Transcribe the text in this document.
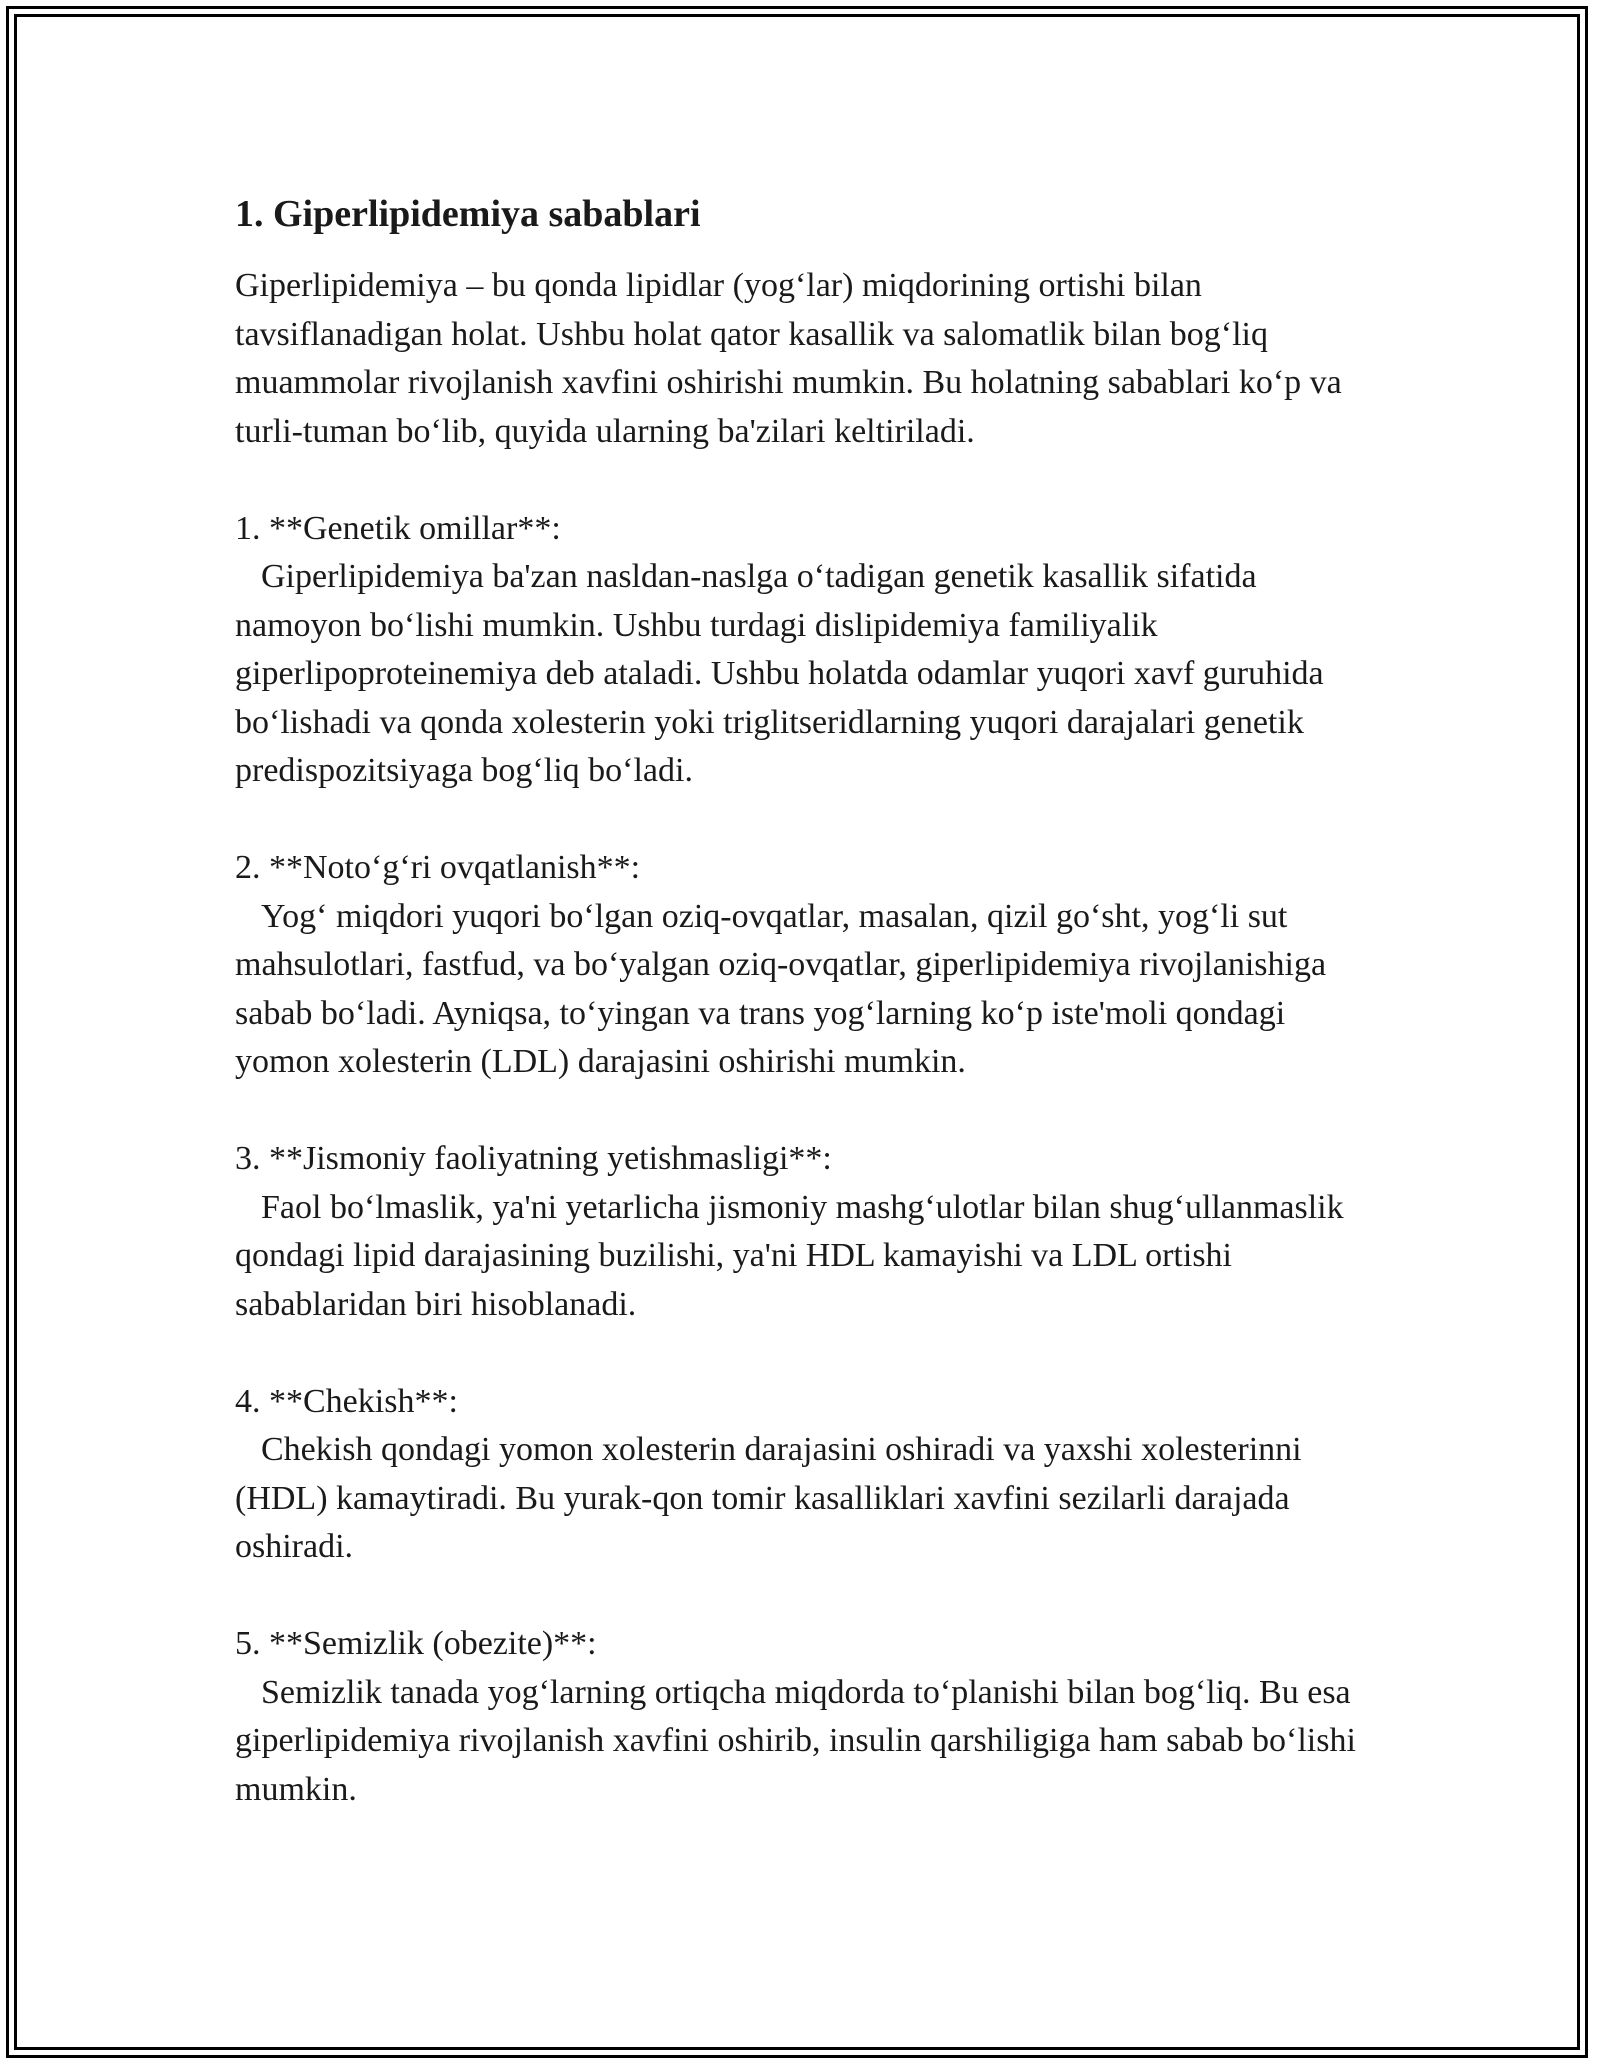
1. Giperlipidemiya sabablari

Giperlipidemiya – bu qonda lipidlar (yog‘lar) miqdorining ortishi bilan tavsiflanadigan holat. Ushbu holat qator kasallik va salomatlik bilan bog‘liq muammolar rivojlanish xavfini oshirishi mumkin. Bu holatning sabablari ko‘p va turli-tuman bo‘lib, quyida ularning ba'zilari keltiriladi.

1. **Genetik omillar**:

Giperlipidemiya ba'zan nasldan-naslga o‘tadigan genetik kasallik sifatida namoyon bo‘lishi mumkin. Ushbu turdagi dislipidemiya familiyalik giperlipoproteinemiya deb ataladi. Ushbu holatda odamlar yuqori xavf guruhida bo‘lishadi va qonda xolesterin yoki triglitseridlarning yuqori darajalari genetik predispozitsiyaga bog‘liq bo‘ladi.

2. **Noto‘g‘ri ovqatlanish**:

Yog‘ miqdori yuqori bo‘lgan oziq-ovqatlar, masalan, qizil go‘sht, yog‘li sut mahsulotlari, fastfud, va bo‘yalgan oziq-ovqatlar, giperlipidemiya rivojlanishiga sabab bo‘ladi. Ayniqsa, to‘yingan va trans yog‘larning ko‘p iste'moli qondagi yomon xolesterin (LDL) darajasini oshirishi mumkin.

3. **Jismoniy faoliyatning yetishmasligi**:

Faol bo‘lmaslik, ya'ni yetarlicha jismoniy mashg‘ulotlar bilan shug‘ullanmaslik qondagi lipid darajasining buzilishi, ya'ni HDL kamayishi va LDL ortishi sabablaridan biri hisoblanadi.

4. **Chekish**:

Chekish qondagi yomon xolesterin darajasini oshiradi va yaxshi xolesterinni (HDL) kamaytiradi. Bu yurak-qon tomir kasalliklari xavfini sezilarli darajada oshiradi.

5. **Semizlik (obezite)**:

Semizlik tanada yog‘larning ortiqcha miqdorda to‘planishi bilan bog‘liq. Bu esa giperlipidemiya rivojlanish xavfini oshirib, insulin qarshiligiga ham sabab bo‘lishi mumkin.
